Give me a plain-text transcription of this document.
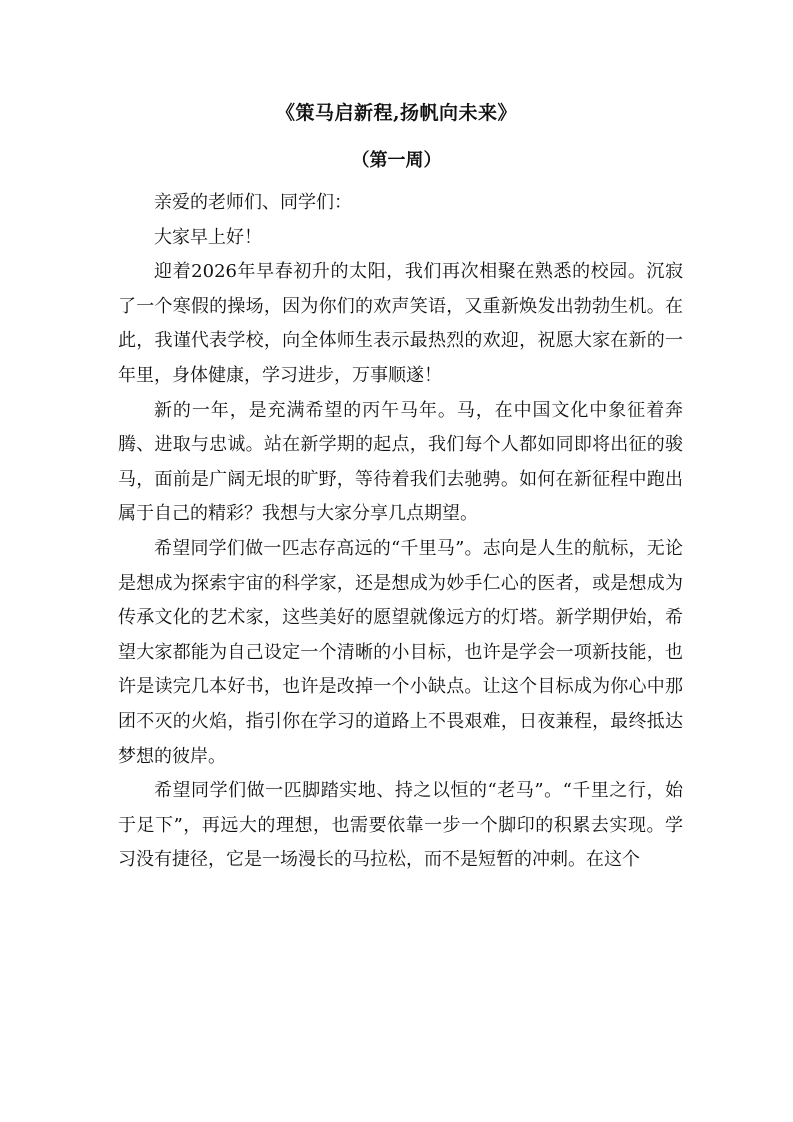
《策马启新程,扬帆向未来》
（第一周）

亲爱的老师们、同学们：

大家早上好！

迎着2026年早春初升的太阳，我们再次相聚在熟悉的校园。沉寂了一个寒假的操场，因为你们的欢声笑语，又重新焕发出勃勃生机。在此，我谨代表学校，向全体师生表示最热烈的欢迎，祝愿大家在新的一年里，身体健康，学习进步，万事顺遂！

新的一年，是充满希望的丙午马年。马，在中国文化中象征着奔腾、进取与忠诚。站在新学期的起点，我们每个人都如同即将出征的骏马，面前是广阔无垠的旷野，等待着我们去驰骋。如何在新征程中跑出属于自己的精彩？我想与大家分享几点期望。

希望同学们做一匹志存高远的“千里马”。志向是人生的航标，无论是想成为探索宇宙的科学家，还是想成为妙手仁心的医者，或是想成为传承文化的艺术家，这些美好的愿望就像远方的灯塔。新学期伊始，希望大家都能为自己设定一个清晰的小目标，也许是学会一项新技能，也许是读完几本好书，也许是改掉一个小缺点。让这个目标成为你心中那团不灭的火焰，指引你在学习的道路上不畏艰难，日夜兼程，最终抵达梦想的彼岸。

希望同学们做一匹脚踏实地、持之以恒的“老马”。“千里之行，始于足下”，再远大的理想，也需要依靠一步一个脚印的积累去实现。学习没有捷径，它是一场漫长的马拉松，而不是短暂的冲刺。在这个
